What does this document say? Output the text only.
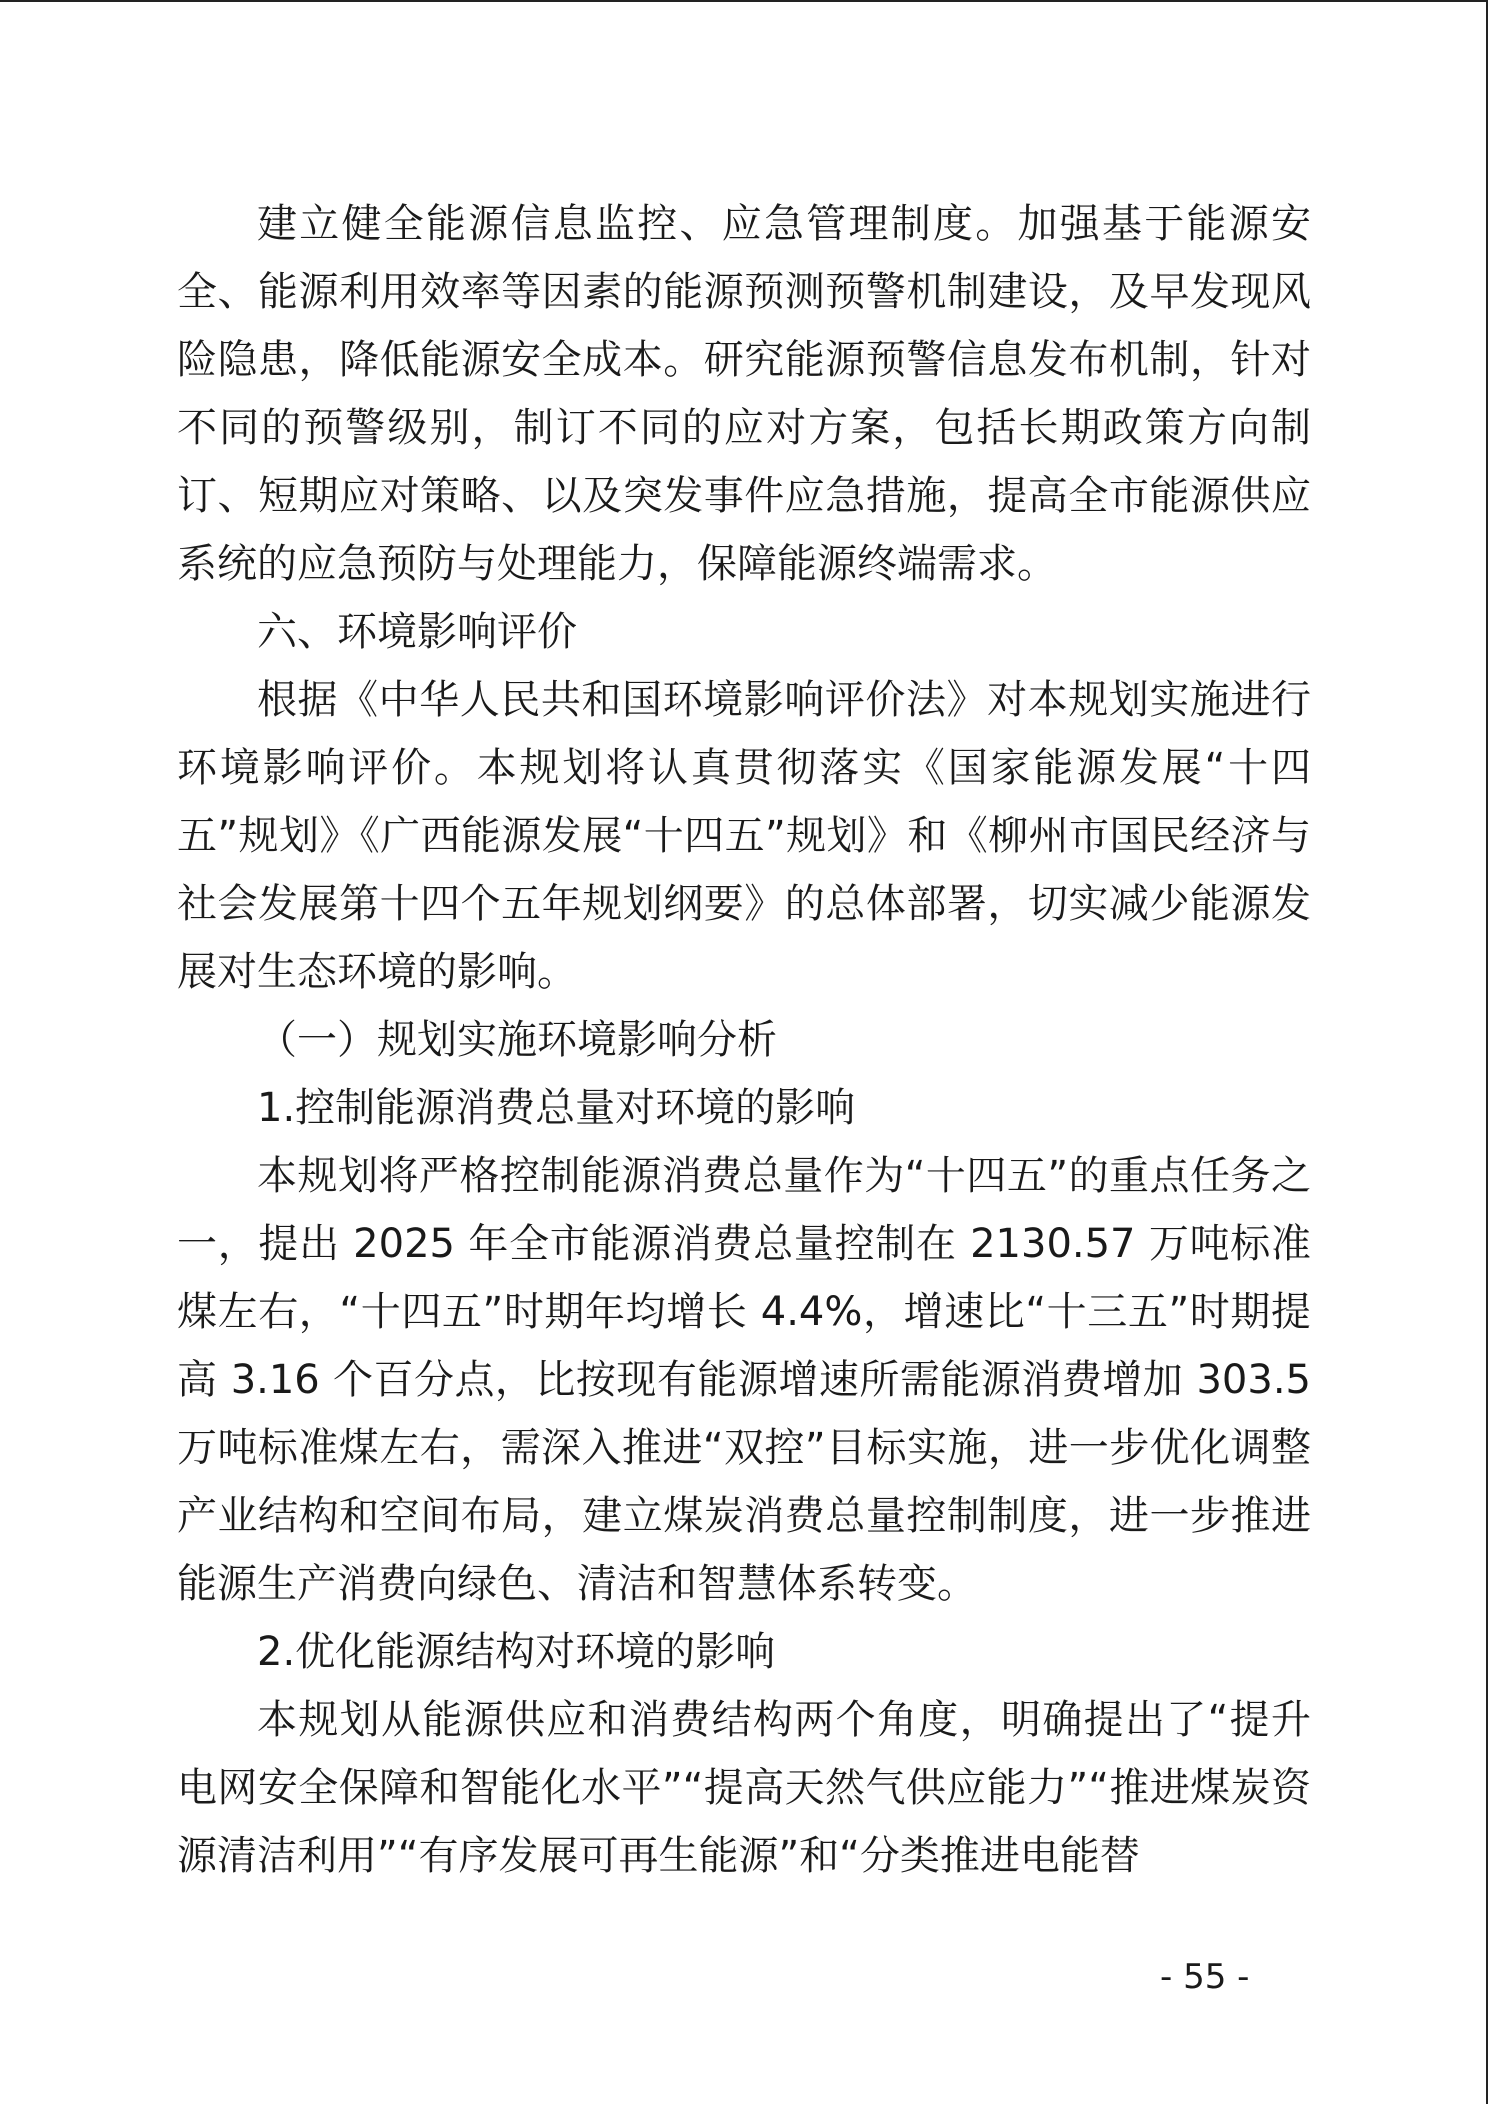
建立健全能源信息监控、应急管理制度。加强基于能源安全、能源利用效率等因素的能源预测预警机制建设，及早发现风险隐患，降低能源安全成本。研究能源预警信息发布机制，针对不同的预警级别，制订不同的应对方案，包括长期政策方向制订、短期应对策略、以及突发事件应急措施，提高全市能源供应系统的应急预防与处理能力，保障能源终端需求。

六、环境影响评价

根据《中华人民共和国环境影响评价法》对本规划实施进行环境影响评价。本规划将认真贯彻落实《国家能源发展“十四五”规划》《广西能源发展“十四五”规划》和《柳州市国民经济与社会发展第十四个五年规划纲要》的总体部署，切实减少能源发展对生态环境的影响。

（一）规划实施环境影响分析

1.控制能源消费总量对环境的影响

本规划将严格控制能源消费总量作为“十四五”的重点任务之一，提出 2025 年全市能源消费总量控制在 2130.57 万吨标准煤左右，“十四五”时期年均增长 4.4%，增速比“十三五”时期提高 3.16 个百分点，比按现有能源增速所需能源消费增加 303.5 万吨标准煤左右，需深入推进“双控”目标实施，进一步优化调整产业结构和空间布局，建立煤炭消费总量控制制度，进一步推进能源生产消费向绿色、清洁和智慧体系转变。

2.优化能源结构对环境的影响

本规划从能源供应和消费结构两个角度，明确提出了“提升电网安全保障和智能化水平”“提高天然气供应能力”“推进煤炭资源清洁利用”“有序发展可再生能源”和“分类推进电能替

- 55 -
